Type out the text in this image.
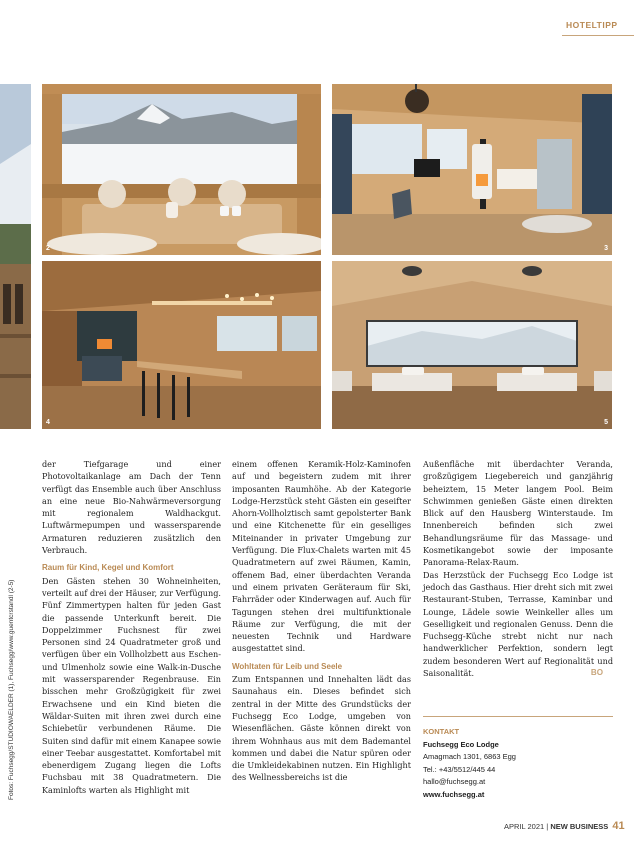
HOTELTIPP
2	3
4	5
Fotos: Fuchsegg/STUDIOWAELDER (1), Fuchsegg/www.guentcrstandl (2-5)

der Tiefgarage und einer Photovoltaikanlage am Dach der Tenn verfügt das Ensemble auch über Anschluss an eine neue Bio-Nahwärmeversorgung mit regionalem Waldhackgut. Luftwärmepumpen und wassersparende Armaturen reduzieren zusätzlich den Verbrauch.

Raum für Kind, Kegel und Komfort

Den Gästen stehen 30 Wohneinheiten, verteilt auf drei der Häuser, zur Verfügung. Fünf Zimmertypen halten für jeden Gast die passende Unterkunft bereit. Die Doppelzimmer Fuchsnest für zwei Personen sind 24 Quadratmeter groß und verfügen über ein Vollholzbett aus Eschen- und Ulmenholz sowie eine Walk-in-Dusche mit wassersparender Regenbrause. Ein bisschen mehr Großzügigkeit für zwei Erwachsene und ein Kind bieten die Wäldar-Suiten mit ihren zwei durch eine Schiebetür verbundenen Räume. Die Suiten sind dafür mit einem Kanapee sowie einer Teebar ausgestattet. Komfortabel mit ebenerdigem Zugang liegen die Lofts Fuchsbau mit 38 Quadratmetern. Die Kaminlofts warten als Highlight mit

einem offenen Keramik-Holz-Kaminofen auf und begeistern zudem mit ihrer imposanten Raumhöhe. Ab der Kategorie Lodge-Herzstück steht Gästen ein geseifter Ahorn-Vollholztisch samt gepolsterter Bank und eine Kitchenette für ein geselliges Miteinander in privater Umgebung zur Verfügung. Die Flux-Chalets warten mit 45 Quadratmetern auf zwei Räumen, Kamin, offenem Bad, einer überdachten Veranda und einem privaten Geräteraum für Ski, Fahrräder oder Kinderwagen auf. Auch für Tagungen stehen drei multifunktionale Räume zur Verfügung, die mit der neuesten Technik und Hardware ausgestattet sind.

Wohltaten für Leib und Seele

Zum Entspannen und Innehalten lädt das Saunahaus ein. Dieses befindet sich zentral in der Mitte des Grundstücks der Fuchsegg Eco Lodge, umgeben von Wiesenflächen. Gäste können direkt von ihrem Wohnhaus aus mit dem Bademantel kommen und dabei die Natur spüren oder die Umkleidekabinen nutzen. Ein Highlight des Wellnessbereichs ist die

Außenfläche mit überdachter Veranda, großzügigem Liegebereich und ganzjährig beheiztem, 15 Meter langem Pool. Beim Schwimmen genießen Gäste einen direkten Blick auf den Hausberg Winterstaude. Im Innenbereich befinden sich zwei Behandlungsräume für das Massage- und Kosmetikangebot sowie der imposante Panorama-Relax-Raum.

Das Herzstück der Fuchsegg Eco Lodge ist jedoch das Gasthaus. Hier dreht sich mit zwei Restaurant-Stuben, Terrasse, Kaminbar und Lounge, Lädele sowie Weinkeller alles um Geselligkeit und regionalen Genuss. Denn die Fuchsegg-Küche strebt nicht nur nach handwerklicher Perfektion, sondern legt zudem besonderen Wert auf Regionalität und Saisonalität.	BO

KONTAKT
Fuchsegg Eco Lodge
Amagmach 1301, 6863 Egg
Tel.: +43/5512/445 44
hallo@fuchsegg.at
www.fuchsegg.at
APRIL 2021 | NEW BUSINESS 41
